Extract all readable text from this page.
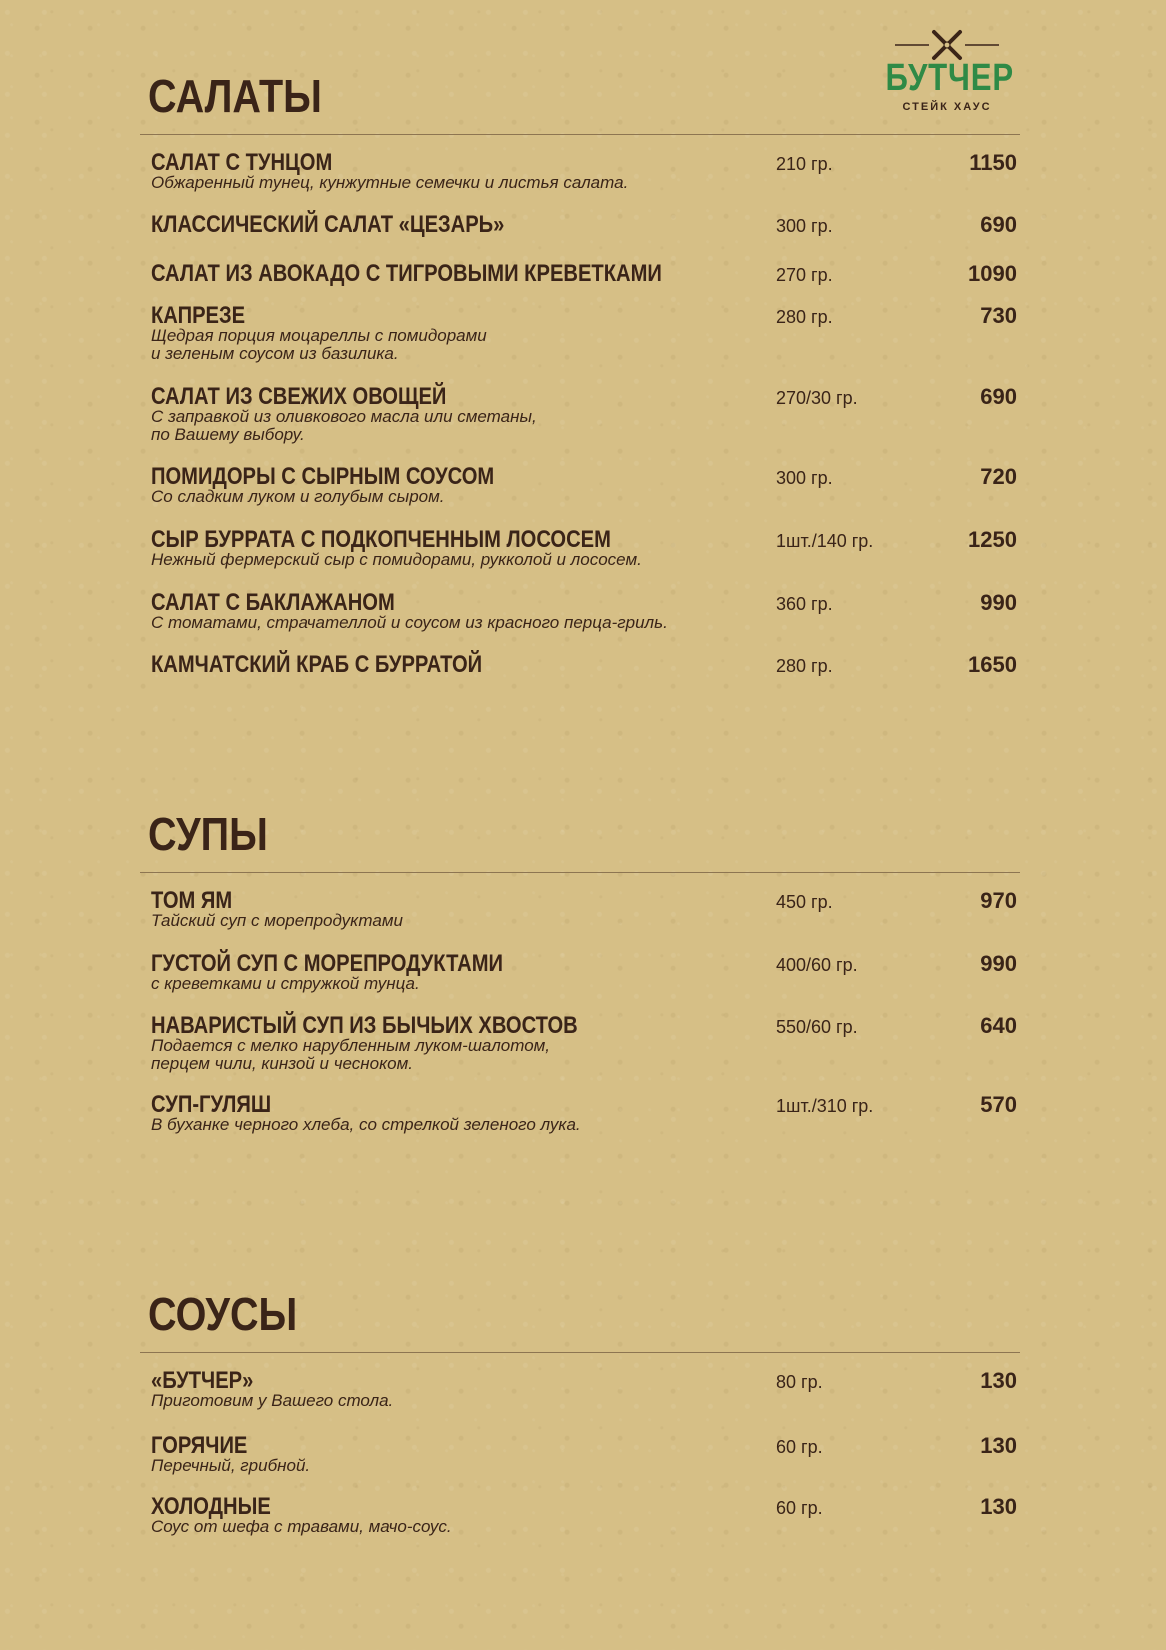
БУТЧЕР
СТЕЙК ХАУС
САЛАТЫ
САЛАТ С ТУНЦОМ
Обжаренный тунец, кунжутные семечки и листья салата.
210 гр.	1150
КЛАССИЧЕСКИЙ САЛАТ «ЦЕЗАРЬ»	300 гр.	690
САЛАТ ИЗ АВОКАДО С ТИГРОВЫМИ КРЕВЕТКАМИ	270 гр.	1090
КАПРЕЗЕ
Щедрая порция моцареллы с помидорами
и зеленым соусом из базилика.
280 гр.	730
САЛАТ ИЗ СВЕЖИХ ОВОЩЕЙ
С заправкой из оливкового масла или сметаны,
по Вашему выбору.
270/30 гр.	690
ПОМИДОРЫ С СЫРНЫМ СОУСОМ
Со сладким луком и голубым сыром.
300 гр.	720
СЫР БУРРАТА С ПОДКОПЧЕННЫМ ЛОСОСЕМ
Нежный фермерский сыр с помидорами, рукколой и лососем.
1шт./140 гр.	1250
САЛАТ С БАКЛАЖАНОМ
С томатами, страчателлой и соусом из красного перца-гриль.
360 гр.	990
КАМЧАТСКИЙ КРАБ С БУРРАТОЙ	280 гр.	1650
СУПЫ
ТОМ ЯМ
Тайский суп с морепродуктами
450 гр.	970
ГУСТОЙ СУП С МОРЕПРОДУКТАМИ
с креветками и стружкой тунца.
400/60 гр.	990
НАВАРИСТЫЙ СУП ИЗ БЫЧЬИХ ХВОСТОВ
Подается с мелко нарубленным луком-шалотом,
перцем чили, кинзой и чесноком.
550/60 гр.	640
СУП-ГУЛЯШ
В буханке черного хлеба, со стрелкой зеленого лука.
1шт./310 гр.	570
СОУСЫ
«БУТЧЕР»
Приготовим у Вашего стола.
80 гр.	130
ГОРЯЧИЕ
Перечный, грибной.
60 гр.	130
ХОЛОДНЫЕ
Соус от шефа с травами, мачо-соус.
60 гр.	130
